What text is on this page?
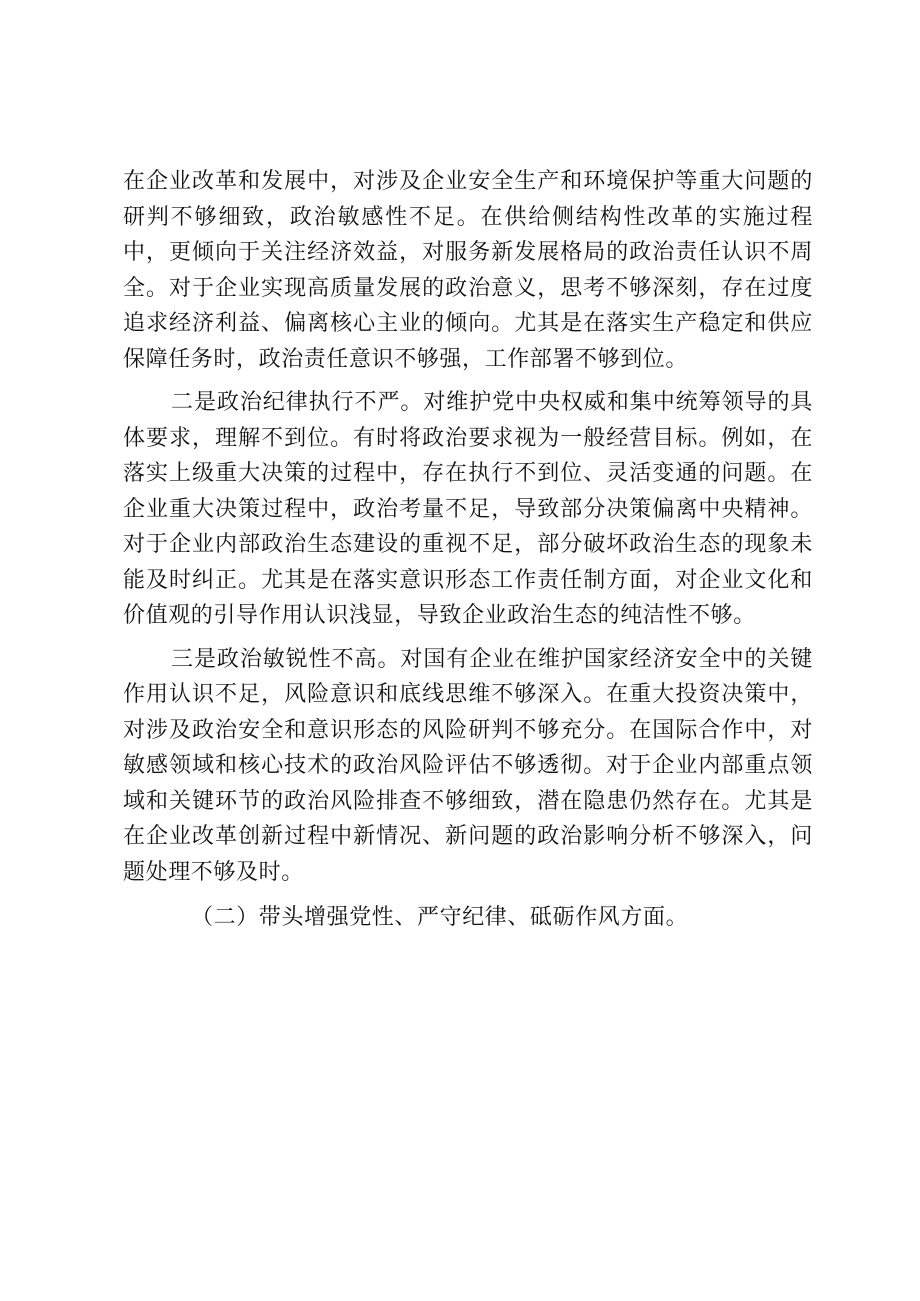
在企业改革和发展中，对涉及企业安全生产和环境保护等重大问题的研判不够细致，政治敏感性不足。在供给侧结构性改革的实施过程中，更倾向于关注经济效益，对服务新发展格局的政治责任认识不周全。对于企业实现高质量发展的政治意义，思考不够深刻，存在过度追求经济利益、偏离核心主业的倾向。尤其是在落实生产稳定和供应保障任务时，政治责任意识不够强，工作部署不够到位。

二是政治纪律执行不严。对维护党中央权威和集中统筹领导的具体要求，理解不到位。有时将政治要求视为一般经营目标。例如，在落实上级重大决策的过程中，存在执行不到位、灵活变通的问题。在企业重大决策过程中，政治考量不足，导致部分决策偏离中央精神。对于企业内部政治生态建设的重视不足，部分破坏政治生态的现象未能及时纠正。尤其是在落实意识形态工作责任制方面，对企业文化和价值观的引导作用认识浅显，导致企业政治生态的纯洁性不够。

三是政治敏锐性不高。对国有企业在维护国家经济安全中的关键作用认识不足，风险意识和底线思维不够深入。在重大投资决策中，对涉及政治安全和意识形态的风险研判不够充分。在国际合作中，对敏感领域和核心技术的政治风险评估不够透彻。对于企业内部重点领域和关键环节的政治风险排查不够细致，潜在隐患仍然存在。尤其是在企业改革创新过程中新情况、新问题的政治影响分析不够深入，问题处理不够及时。

（二）带头增强党性、严守纪律、砥砺作风方面。
